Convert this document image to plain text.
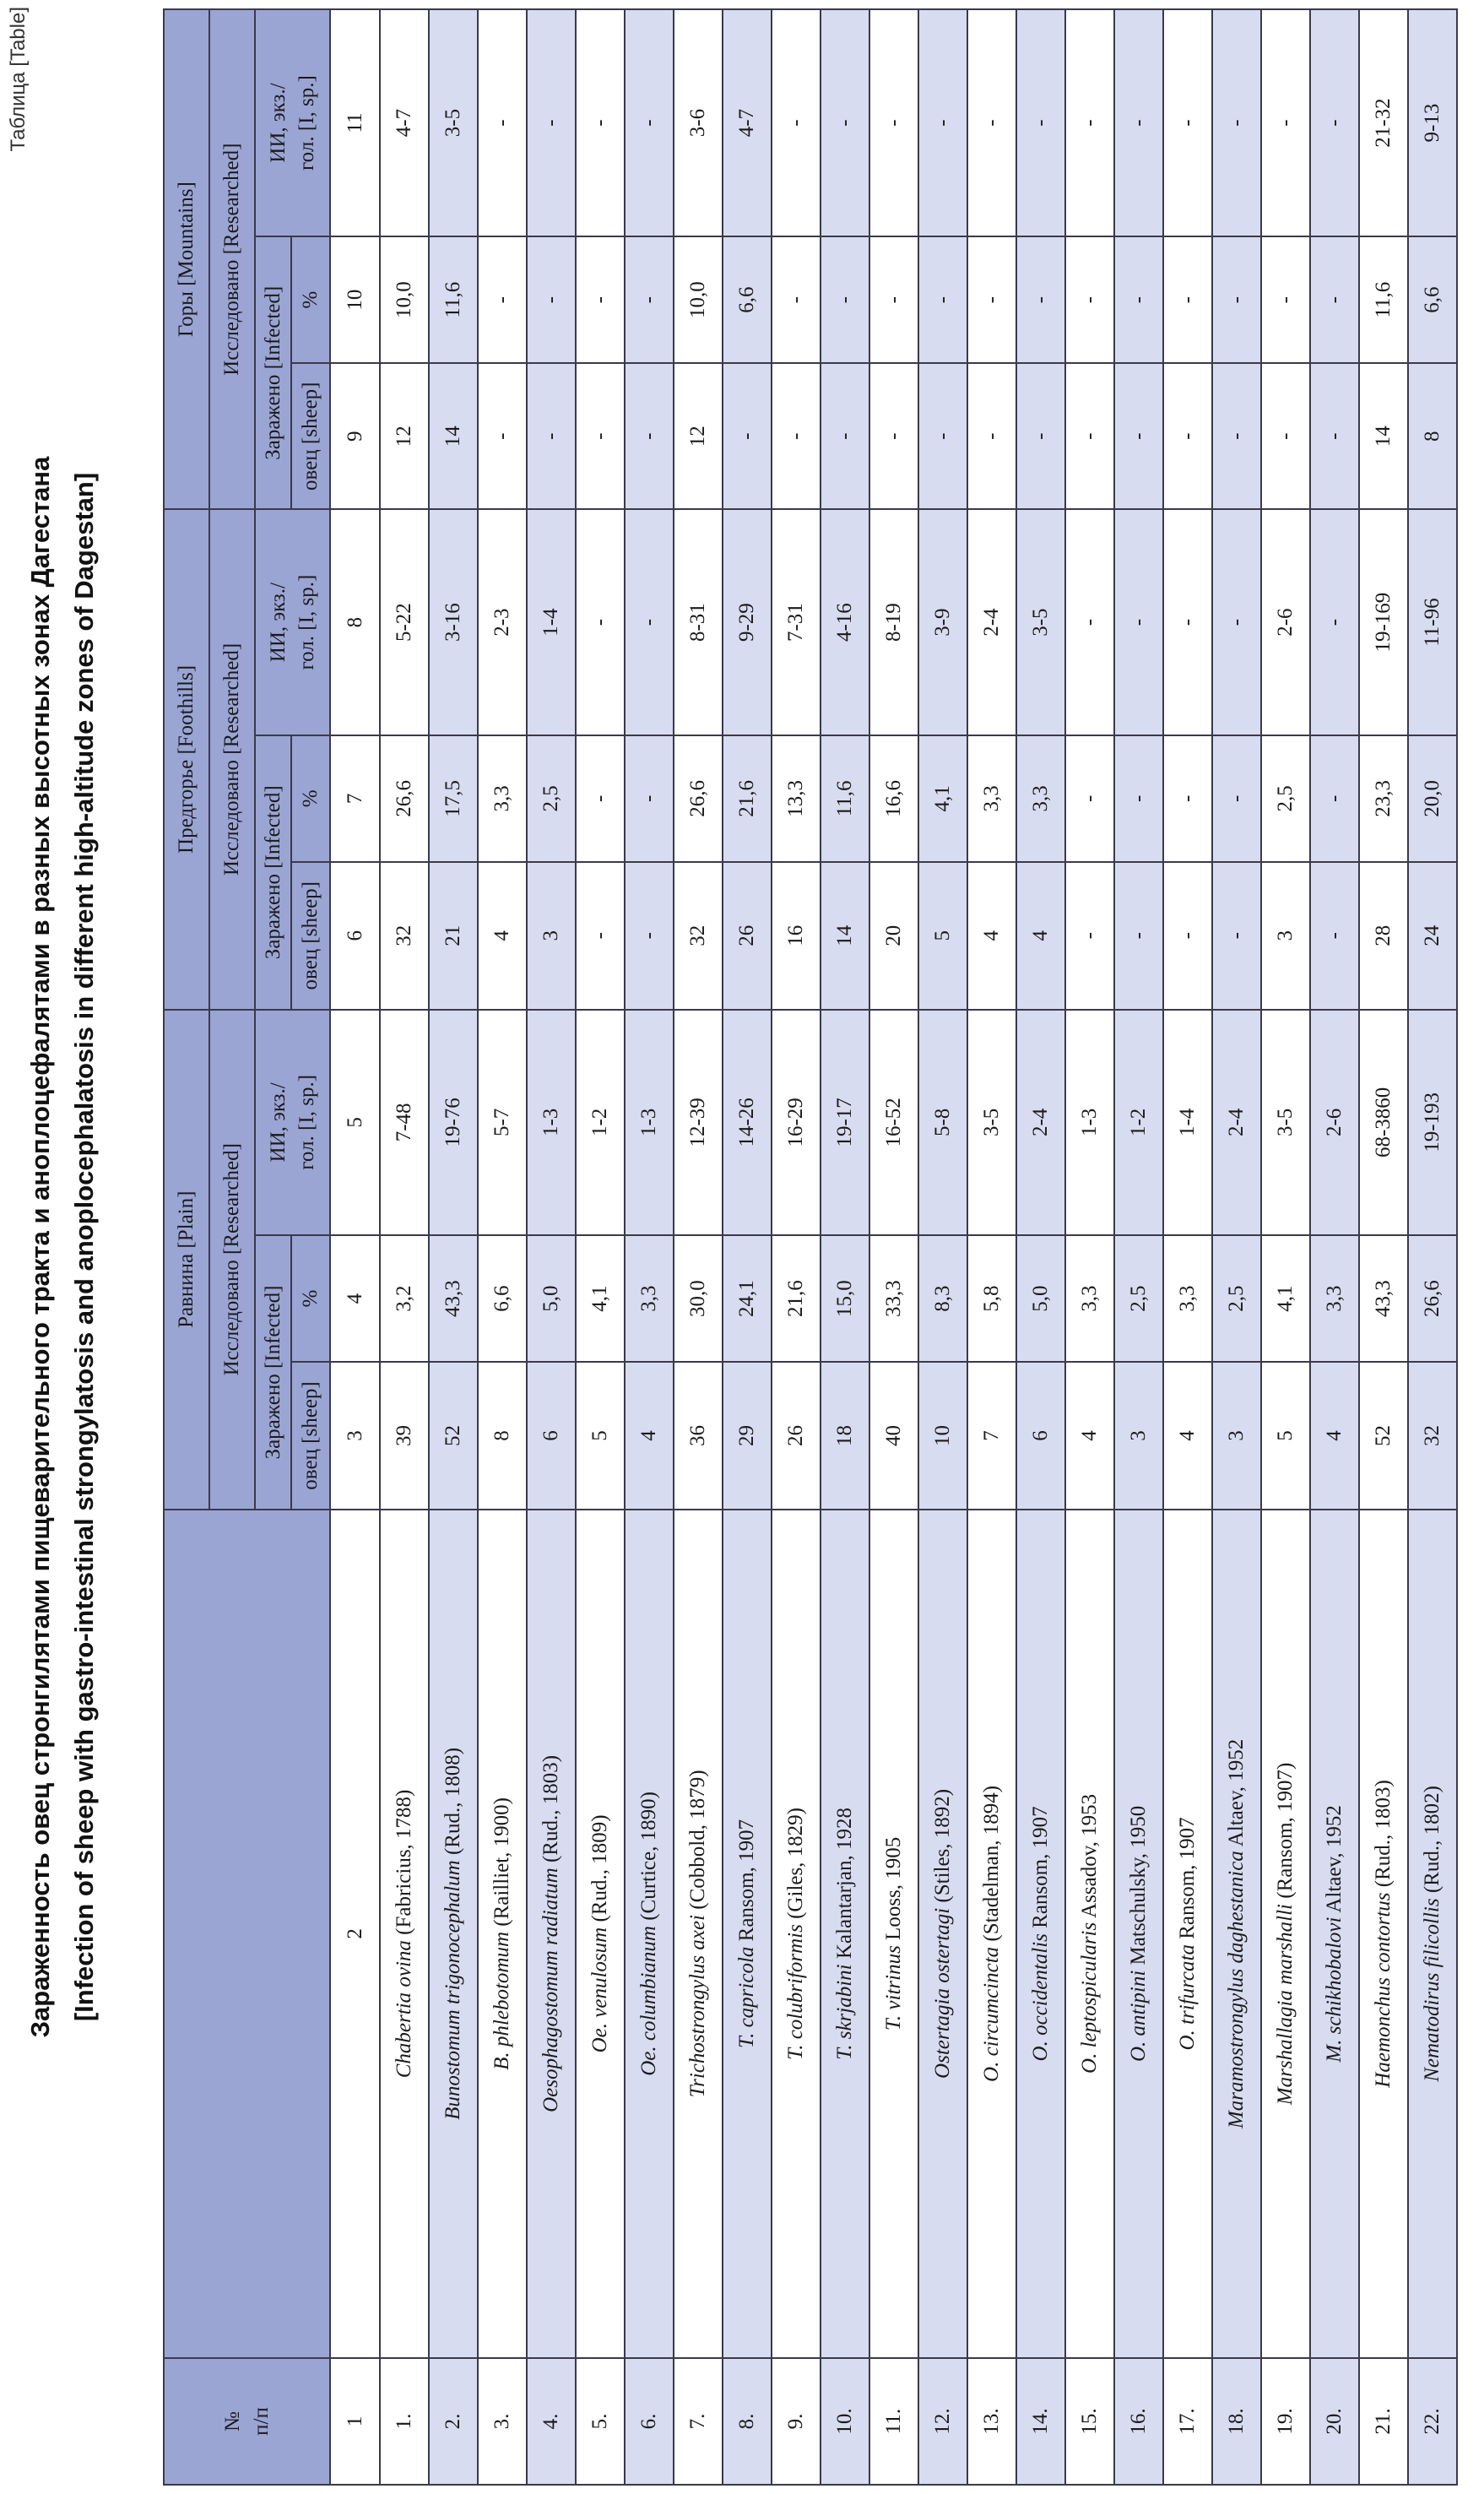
Таблица [Table]
Зараженность овец стронгилятами пищеварительного тракта и аноплоцефалятами в разных высотных зонах Дагестана [Infection of sheep with gastro-intestinal strongylatosis and anoplocephalatosis in different high-altitude zones of Dagestan]
№ п/п		Равнина [Plain]			Предгорье [Foothills]			Горы [Mountains]		
		Исследовано [Researched]			Исследовано [Researched]			Исследовано [Researched]		
		Заражено [Infected]		ИИ, экз./ гол. [I, sp.]	Заражено [Infected]		ИИ, экз./ гол. [I, sp.]	Заражено [Infected]		ИИ, экз./ гол. [I, sp.]
		овец [sheep]	%		овец [sheep]	%		овец [sheep]	%	
1	2	3	4	5	6	7	8	9	10	11
1.	Chabertia ovina (Fabricius, 1788)	39	3,2	7-48	32	26,6	5-22	12	10,0	4-7
2.	Bunostomum trigonocephalum (Rud., 1808)	52	43,3	19-76	21	17,5	3-16	14	11,6	3-5
3.	B. phlebotomum (Railliet, 1900)	8	6,6	5-7	4	3,3	2-3	-	-	-
4.	Oesophagostomum radiatum (Rud., 1803)	6	5,0	1-3	3	2,5	1-4	-	-	-
5.	Oe. venulosum (Rud., 1809)	5	4,1	1-2	-	-	-	-	-	-
6.	Oe. columbianum (Curtice, 1890)	4	3,3	1-3	-	-	-	-	-	-
7.	Trichostrongylus axei (Cobbold, 1879)	36	30,0	12-39	32	26,6	8-31	12	10,0	3-6
8.	T. capricola Ransom, 1907	29	24,1	14-26	26	21,6	9-29	-	6,6	4-7
9.	T. colubriformis (Giles, 1829)	26	21,6	16-29	16	13,3	7-31	-	-	-
10.	T. skrjabini Kalantarjan, 1928	18	15,0	19-17	14	11,6	4-16	-	-	-
11.	T. vitrinus Looss, 1905	40	33,3	16-52	20	16,6	8-19	-	-	-
12.	Ostertagia ostertagi (Stiles, 1892)	10	8,3	5-8	5	4,1	3-9	-	-	-
13.	O. circumcincta (Stadelman, 1894)	7	5,8	3-5	4	3,3	2-4	-	-	-
14.	O. occidentalis Ransom, 1907	6	5,0	2-4	4	3,3	3-5	-	-	-
15.	O. leptospicularis Assadov, 1953	4	3,3	1-3	-	-	-	-	-	-
16.	O. antipini Matschulsky, 1950	3	2,5	1-2	-	-	-	-	-	-
17.	O. trifurcata Ransom, 1907	4	3,3	1-4	-	-	-	-	-	-
18.	Maramostrongylus daghestanica Altaev, 1952	3	2,5	2-4	-	-	-	-	-	-
19.	Marshallagia marshalli (Ransom, 1907)	5	4,1	3-5	3	2,5	2-6	-	-	-
20.	M. schikhobalovi Altaev, 1952	4	3,3	2-6	-	-	-	-	-	-
21.	Haemonchus contortus (Rud., 1803)	52	43,3	68-3860	28	23,3	19-169	14	11,6	21-32
22.	Nematodirus filicollis (Rud., 1802)	32	26,6	19-193	24	20,0	11-96	8	6,6	9-13
